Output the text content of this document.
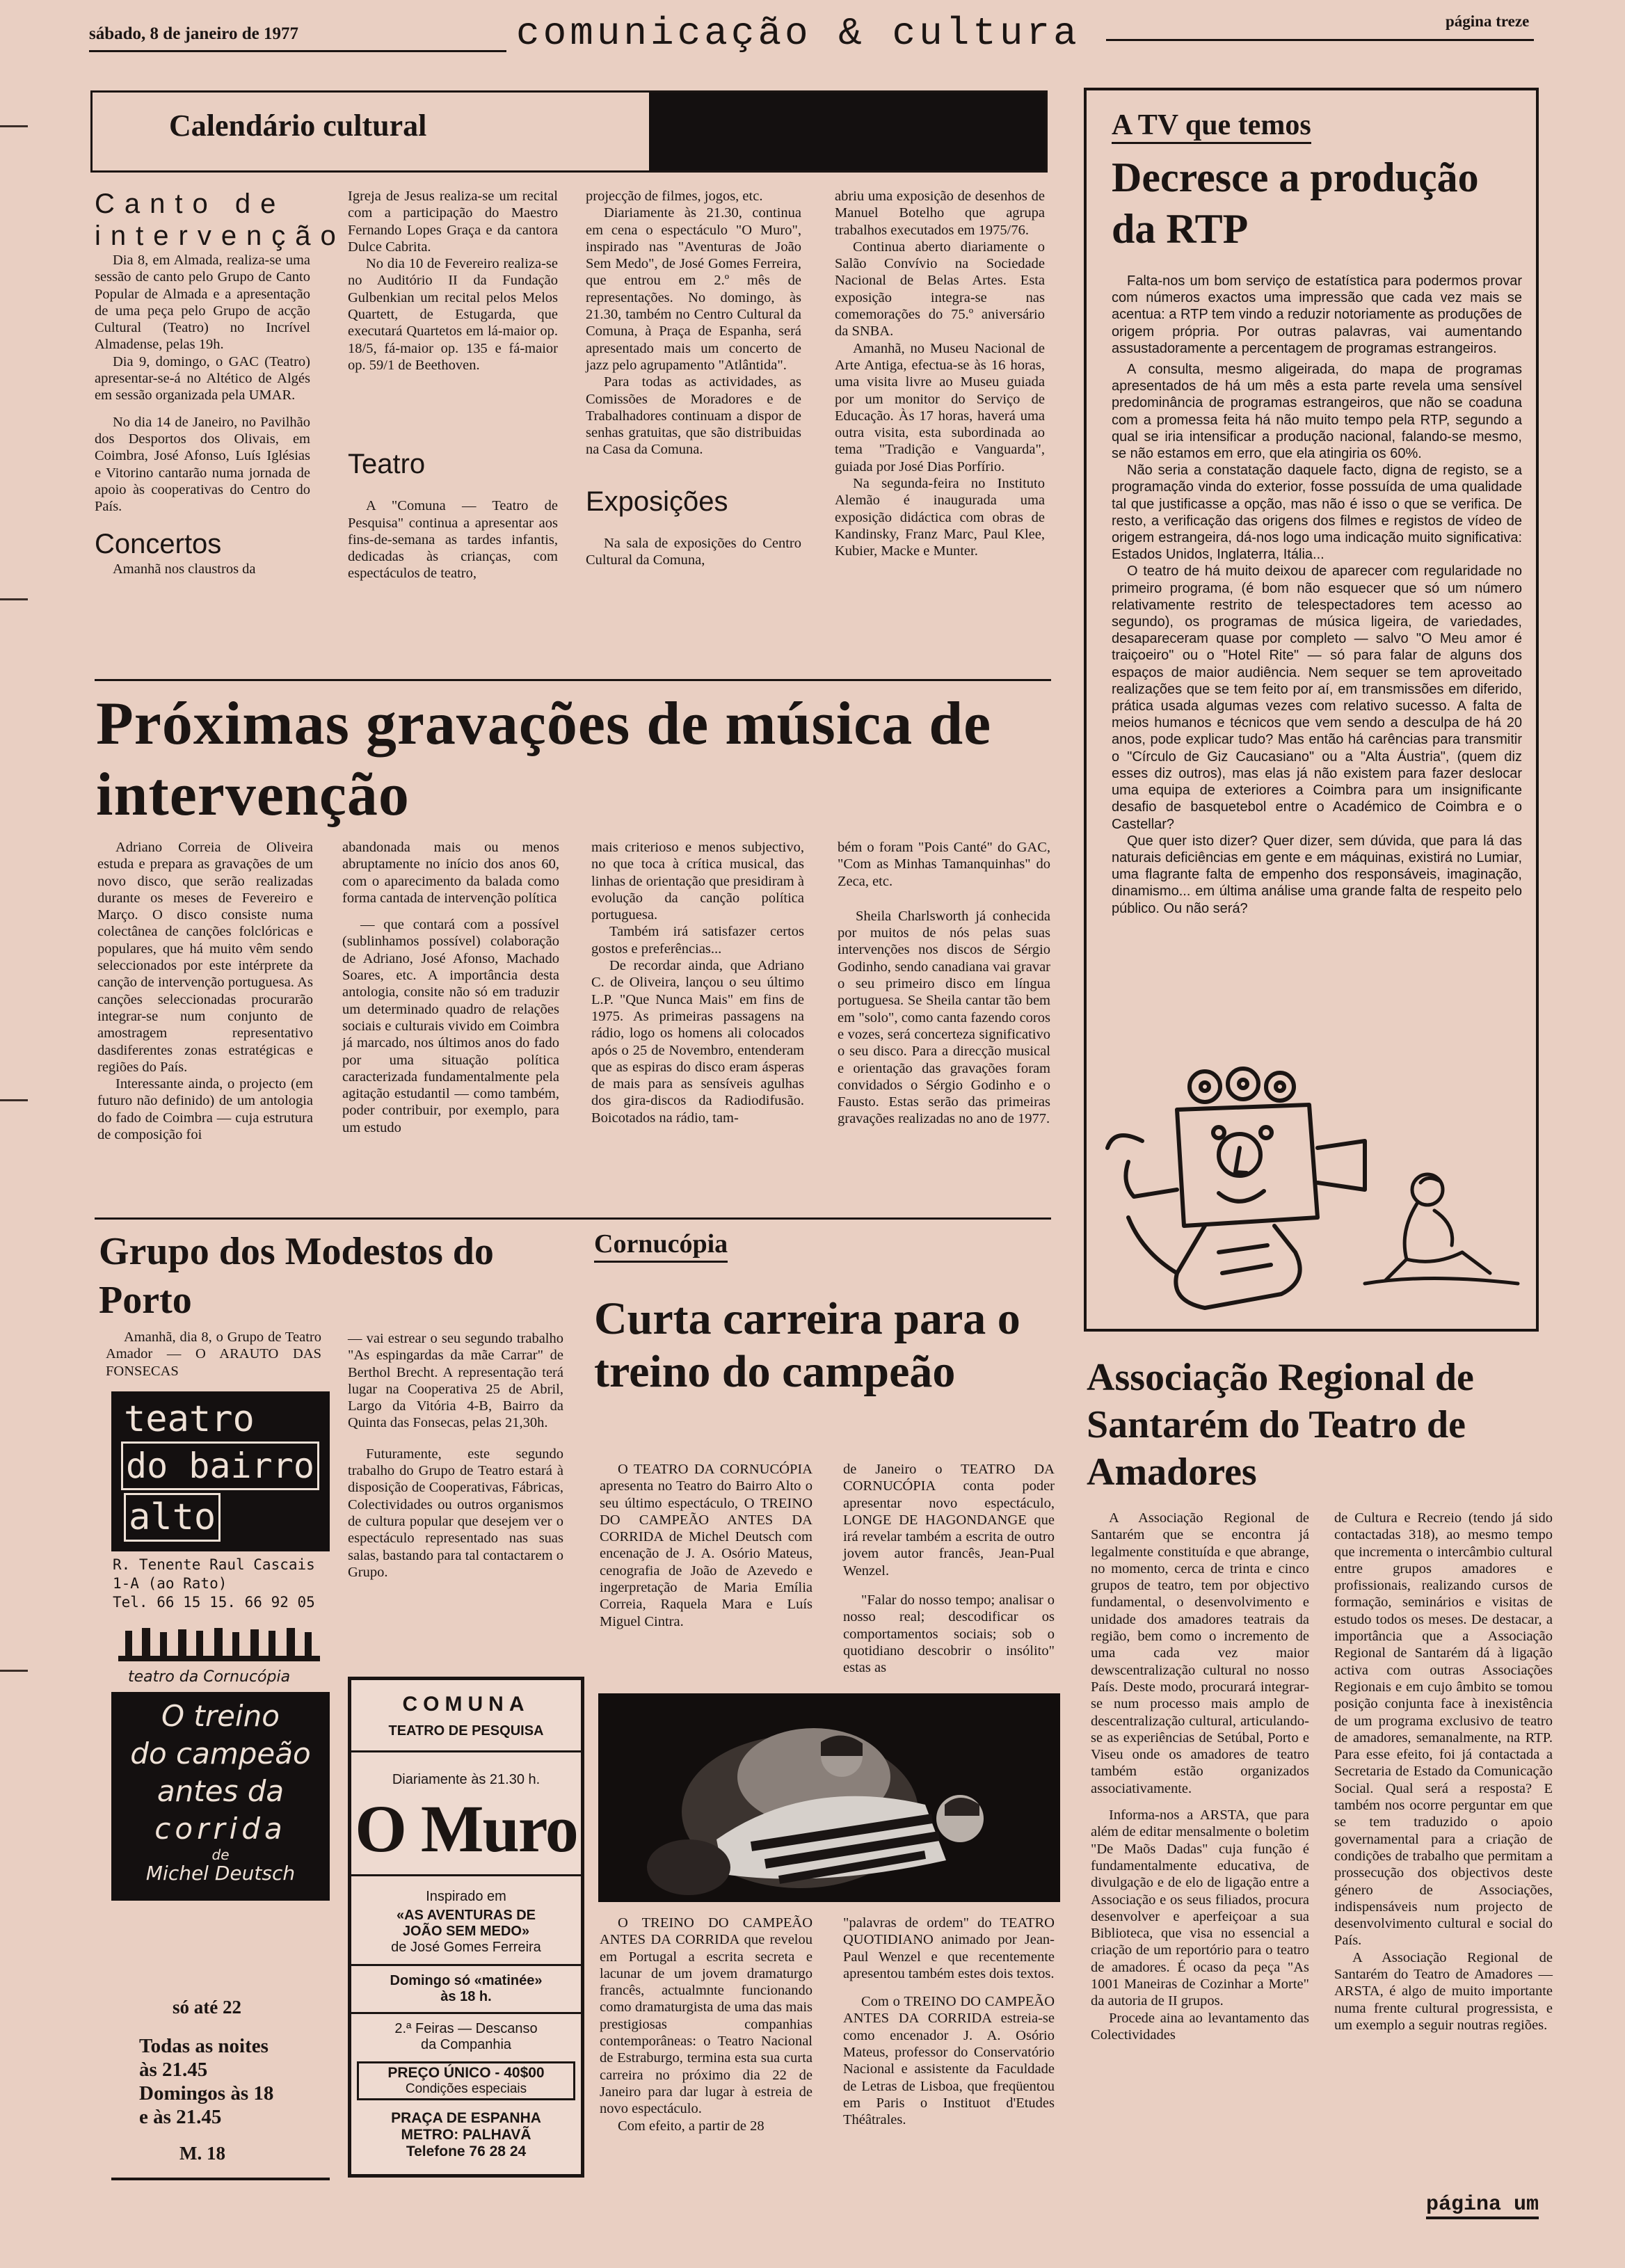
sábado, 8 de janeiro de 1977	comunicação & cultura	página treze
Calendário cultural
Canto de intervenção

Dia 8, em Almada, realiza-se uma sessão de canto pelo Grupo de Canto Popular de Almada e a apresentação de uma peça pelo Grupo de acção Cultural (Teatro) no Incrível Almadense, pelas 19h.

Dia 9, domingo, o GAC (Teatro) apresentar-se-á no Altético de Algés em sessão organizada pela UMAR.

No dia 14 de Janeiro, no Pavilhão dos Desportos dos Olivais, em Coimbra, José Afonso, Luís Iglésias e Vitorino cantarão numa jornada de apoio às cooperativas do Centro do País.

Concertos

Amanhã nos claustros da

Igreja de Jesus realiza-se um recital com a participação do Maestro Fernando Lopes Graça e da cantora Dulce Cabrita.

No dia 10 de Fevereiro realiza-se no Auditório II da Fundação Gulbenkian um recital pelos Melos Quartett, de Estugarda, que executará Quartetos em lá-maior op. 18/5, fá-maior op. 135 e fá-maior op. 59/1 de Beethoven.

Teatro

A "Comuna — Teatro de Pesquisa" continua a apresentar aos fins-de-semana as tardes infantis, dedicadas às crianças, com espectáculos de teatro,

projecção de filmes, jogos, etc.

Diariamente às 21.30, continua em cena o espectáculo "O Muro", inspirado nas "Aventuras de João Sem Medo", de José Gomes Ferreira, que entrou em 2.º mês de representações. No domingo, às 21.30, também no Centro Cultural da Comuna, à Praça de Espanha, será apresentado mais um concerto de jazz pelo agrupamento "Atlântida".

Para todas as actividades, as Comissões de Moradores e de Trabalhadores continuam a dispor de senhas gratuitas, que são distribuidas na Casa da Comuna.

Exposições

Na sala de exposições do Centro Cultural da Comuna,

abriu uma exposição de desenhos de Manuel Botelho que agrupa trabalhos executados em 1975/76.

Continua aberto diariamente o Salão Convívio na Sociedade Nacional de Belas Artes. Esta exposição integra-se nas comemorações do 75.º aniversário da SNBA.

Amanhã, no Museu Nacional de Arte Antiga, efectua-se às 16 horas, uma visita livre ao Museu guiada por um monitor do Serviço de Educação. Às 17 horas, haverá uma outra visita, esta subordinada ao tema "Tradição e Vanguarda", guiada por José Dias Porfírio.

Na segunda-feira no Instituto Alemão é inaugurada uma exposição didáctica com obras de Kandinsky, Franz Marc, Paul Klee, Kubier, Macke e Munter.

A TV que temos
Decresce a produção da RTP
Falta-nos um bom serviço de estatística para podermos provar com números exactos uma impressão que cada vez mais se acentua: a RTP tem vindo a reduzir notoriamente as produções de origem própria. Por outras palavras, vai aumentando assustadoramente a percentagem de programas estrangeiros.
A consulta, mesmo aligeirada, do mapa de programas apresentados de há um mês a esta parte revela uma sensível predominância de programas estrangeiros, que não se coaduna com a promessa feita há não muito tempo pela RTP, segundo a qual se iria intensificar a produção nacional, falando-se mesmo, se não estamos em erro, que ela atingiria os 60%.
Não seria a constatação daquele facto, digna de registo, se a programação vinda do exterior, fosse possuída de uma qualidade tal que justificasse a opção, mas não é isso o que se verifica. De resto, a verificação das origens dos filmes e registos de vídeo de origem estrangeira, dá-nos logo uma indicação muito significativa: Estados Unidos, Inglaterra, Itália...
O teatro de há muito deixou de aparecer com regularidade no primeiro programa, (é bom não esquecer que só um número relativamente restrito de telespectadores tem acesso ao segundo), os programas de música ligeira, de variedades, desapareceram quase por completo — salvo "O Meu amor é traiçoeiro" ou o "Hotel Rite" — só para falar de alguns dos espaços de maior audiência. Nem sequer se tem aproveitado realizações que se tem feito por aí, em transmissões em diferido, prática usada algumas vezes com relativo sucesso. A falta de meios humanos e técnicos que vem sendo a desculpa de há 20 anos, pode explicar tudo? Mas então há carências para transmitir o "Círculo de Giz Caucasiano" ou a "Alta Áustria", (quem diz esses diz outros), mas elas já não existem para fazer deslocar uma equipa de exteriores a Coimbra para um insignificante desafio de basquetebol entre o Académico de Coimbra e o Castellar?
Que quer isto dizer? Quer dizer, sem dúvida, que para lá das naturais deficiências em gente e em máquinas, existirá no Lumiar, uma flagrante falta de empenho dos responsáveis, imaginação, dinamismo... em última análise uma grande falta de respeito pelo público. Ou não será?
Próximas gravações de música de intervenção

Adriano Correia de Oliveira estuda e prepara as gravações de um novo disco, que serão realizadas durante os meses de Fevereiro e Março. O disco consiste numa colectânea de canções folclóricas e populares, que há muito vêm sendo seleccionados por este intérprete da canção de intervenção portuguesa. As canções seleccionadas procurarão integrar-se num conjunto de amostragem representativo dasdiferentes zonas estratégicas e regiões do País.

Interessante ainda, o projecto (em futuro não definido) de um antologia do fado de Coimbra — cuja estrutura de composição foi

abandonada mais ou menos abruptamente no início dos anos 60, com o aparecimento da balada como forma cantada de intervenção política

— que contará com a possível (sublinhamos possível) colaboração de Adriano, José Afonso, Machado Soares, etc. A importância desta antologia, consite não só em traduzir um determinado quadro de relações sociais e culturais vivido em Coimbra já marcado, nos últimos anos do fado por uma situação política caracterizada fundamentalmente pela agitação estudantil — como também, poder contribuir, por exemplo, para um estudo

mais criterioso e menos subjectivo, no que toca à crítica musical, das linhas de orientação que presidiram à evolução da canção política portuguesa.

Também irá satisfazer certos gostos e preferências...

De recordar ainda, que Adriano C. de Oliveira, lançou o seu último L.P. "Que Nunca Mais" em fins de 1975. As primeiras passagens na rádio, logo os homens ali colocados após o 25 de Novembro, entenderam que as espiras do disco eram ásperas de mais para as sensíveis agulhas dos gira-discos da Radiodifusão. Boicotados na rádio, tam-

bém o foram "Pois Canté" do GAC, "Com as Minhas Tamanquinhas" do Zeca, etc.

Sheila Charlsworth já conhecida por muitos de nós pelas suas intervenções nos discos de Sérgio Godinho, sendo canadiana vai gravar o seu primeiro disco em língua portuguesa. Se Sheila cantar tão bem em "solo", como canta fazendo coros e vozes, será concerteza significativo o seu disco. Para a direcção musical e orientação das gravações foram convidados o Sérgio Godinho e o Fausto. Estas serão das primeiras gravações realizadas no ano de 1977.

Grupo dos Modestos do Porto

Amanhã, dia 8, o Grupo de Teatro Amador — O ARAUTO DAS FONSECAS

— vai estrear o seu segundo trabalho "As espingardas da mãe Carrar" de Berthol Brecht. A representação terá lugar na Cooperativa 25 de Abril, Largo da Vitória 4-B, Bairro da Quinta das Fonsecas, pelas 21,30h.

Futuramente, este segundo trabalho do Grupo de Teatro estará à disposição de Cooperativas, Fábricas, Colectividades ou outros organismos de cultura popular que desejem ver o espectáculo representado nas suas salas, bastando para tal contactarem o Grupo.

teatro
do bairro
alto
R. Tenente Raul Cascais
1-A (ao Rato)
Tel. 66 15 15. 66 92 05
teatro da Cornucópia
O treino
do campeão
antes da
corrida
de
Michel Deutsch
só até 22
Todas as noites
às 21.45
Domingos às 18
e às 21.45
M. 18
COMUNA
TEATRO DE PESQUISA
Diariamente às 21.30 h.
O Muro
Inspirado em
«AS AVENTURAS DE
JOÃO SEM MEDO»
de José Gomes Ferreira
Domingo só «matinée»
às 18 h.
2.ª Feiras — Descanso
da Companhia
PREÇO ÚNICO - 40$00
Condições especiais
PRAÇA DE ESPANHA
METRO: PALHAVÃ
Telefone 76 28 24
Cornucópia
Curta carreira para o treino do campeão

O TEATRO DA CORNUCÓPIA apresenta no Teatro do Bairro Alto o seu último espectáculo, O TREINO DO CAMPEÃO ANTES DA CORRIDA de Michel Deutsch com encenação de J. A. Osório Mateus, cenografia de João de Azevedo e ingerpretação de Maria Emília Correia, Raquela Mara e Luís Miguel Cintra.

de Janeiro o TEATRO DA CORNUCÓPIA conta poder apresentar novo espectáculo, LONGE DE HAGONDANGE que irá revelar também a escrita de outro jovem autor francês, Jean-Pual Wenzel.

"Falar do nosso tempo; analisar o nosso real; descodificar os comportamentos sociais; sob o quotidiano descobrir o insólito" estas as

O TREINO DO CAMPEÃO ANTES DA CORRIDA que revelou em Portugal a escrita secreta e lacunar de um jovem dramaturgo francês, actualmnte funcionando como dramaturgista de uma das mais prestigiosas companhias contemporâneas: o Teatro Nacional de Estraburgo, termina esta sua curta carreira no próximo dia 22 de Janeiro para dar lugar à estreia de novo espectáculo.

Com efeito, a partir de 28

"palavras de ordem" do TEATRO QUOTIDIANO animado por Jean-Paul Wenzel e que recentemente apresentou também estes dois textos.

Com o TREINO DO CAMPEÃO ANTES DA CORRIDA estreia-se como encenador J. A. Osório Mateus, professor do Conservatório Nacional e assistente da Faculdade de Letras de Lisboa, que freqüentou em Paris o Instituot d'Etudes Théâtrales.

Associação Regional de Santarém do Teatro de Amadores

A Associação Regional de Santarém que se encontra já legalmente constituída e que abrange, no momento, cerca de trinta e cinco grupos de teatro, tem por objectivo fundamental, o desenvolvimento e unidade dos amadores teatrais da região, bem como o incremento de uma cada vez maior dewscentralização cultural no nosso País. Deste modo, procurará integrar-se num processo mais amplo de descentralização cultural, articulando-se as experiências de Setúbal, Porto e Viseu onde os amadores de teatro também estão organizados associativamente.

Informa-nos a ARSTA, que para além de editar mensalmente o boletim "De Maõs Dadas" cuja função é fundamentalmente educativa, de divulgação e de elo de ligação entre a Associação e os seus filiados, procura desenvolver e aperfeiçoar a sua Biblioteca, que visa no essencial a criação de um reportório para o teatro de amadores. É ocaso da peça "As 1001 Maneiras de Cozinhar a Morte" da autoria de II grupos.

Procede aina ao levantamento das Colectividades

de Cultura e Recreio (tendo já sido contactadas 318), ao mesmo tempo que incrementa o intercâmbio cultural entre grupos amadores e profissionais, realizando cursos de formação, seminários e visitas de estudo todos os meses. De destacar, a importância que a Associação Regional de Santarém dá à ligação activa com outras Associações Regionais e em cujo âmbito se tomou posição conjunta face à inexistência de um programa exclusivo de teatro de amadores, semanalmente, na RTP. Para esse efeito, foi já contactada a Secretaria de Estado da Comunicação Social. Qual será a resposta? E também nos ocorre perguntar em que se tem traduzido o apoio governamental para a criação de condições de trabalho que permitam a prossecução dos objectivos deste género de Associações, indispensáveis num projecto de desenvolvimento cultural e social do País.

A Associação Regional de Santarém do Teatro de Amadores — ARSTA, é algo de muito importante numa frente cultural progressista, e um exemplo a seguir noutras regiões.

página um
